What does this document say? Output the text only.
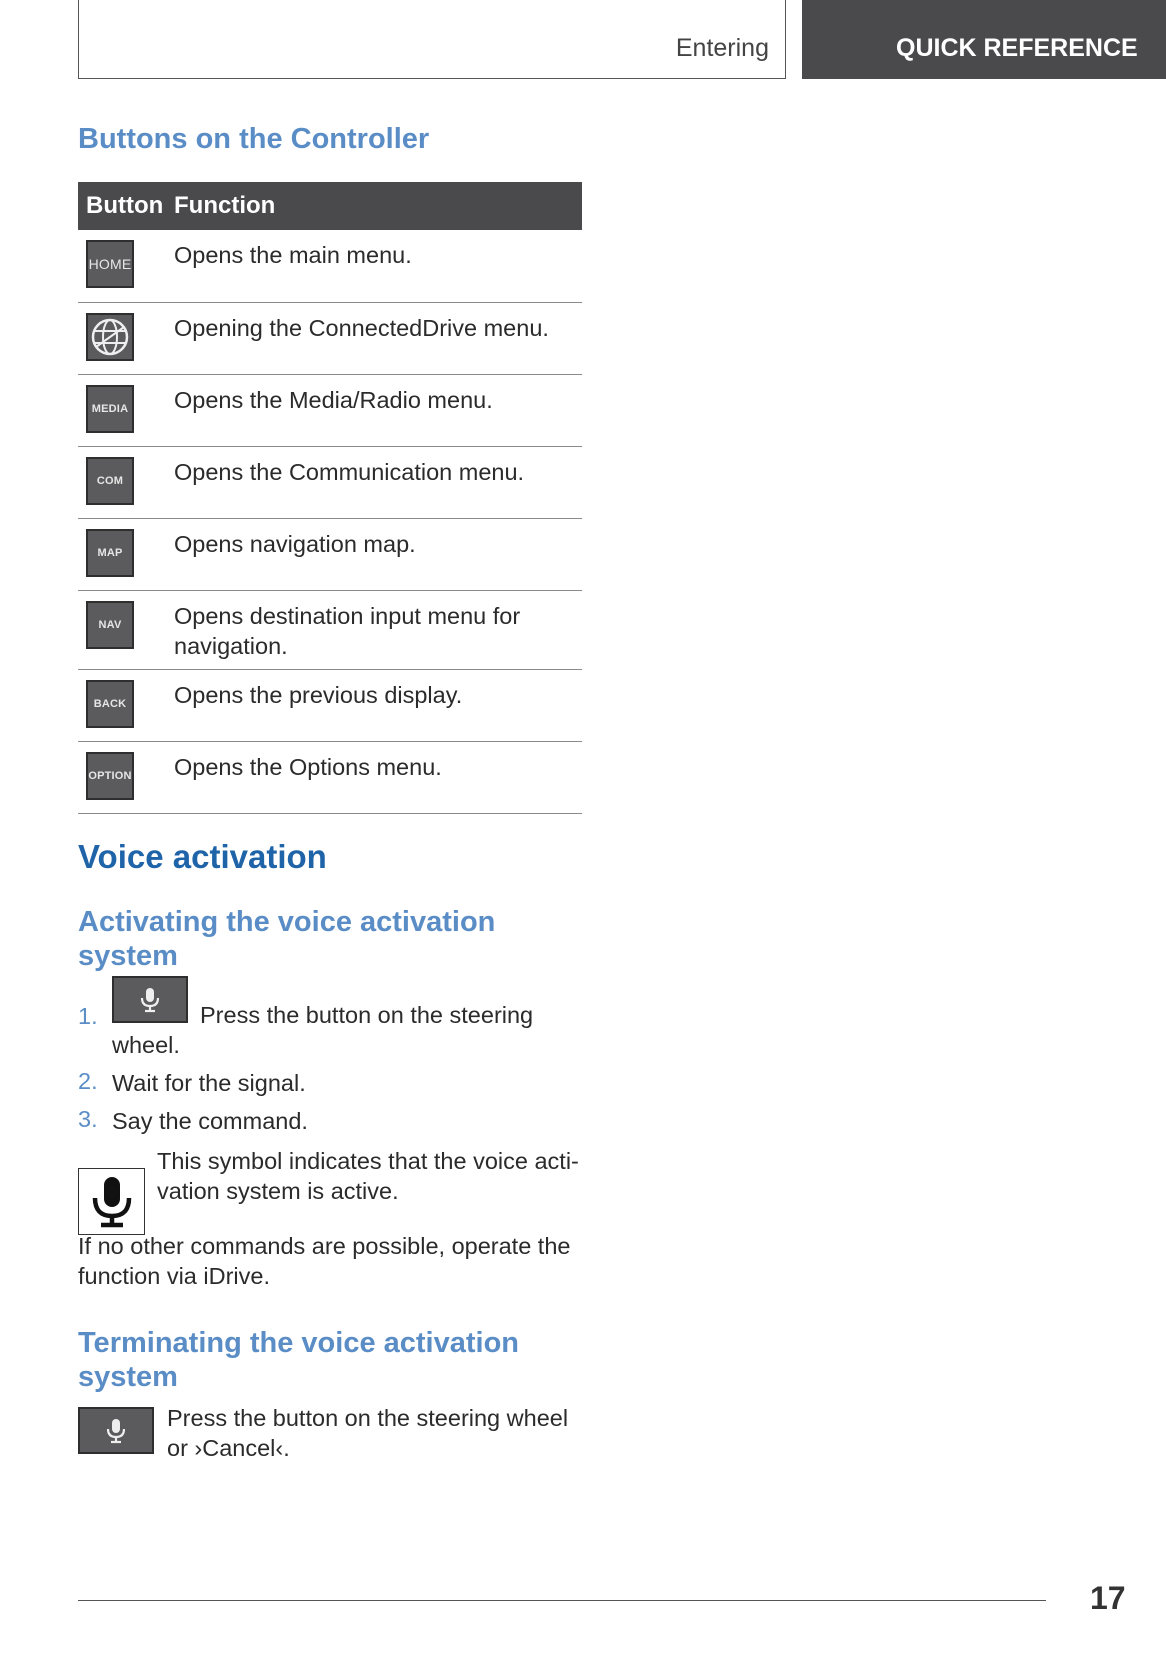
Entering	QUICK REFERENCE
Buttons on the Controller
Button	Function

HOME	Opens the main menu.

	Opening the ConnectedDrive menu.

MEDIA	Opens the Media/Radio menu.

COM	Opens the Communication menu.

MAP	Opens navigation map.

NAV	Opens destination input menu for navigation.

BACK	Opens the previous display.

OPTION	Opens the Options menu.
Voice activation
Activating the voice activation
system
1.	Press the button on the steering
wheel.
2. Wait for the signal.
3. Say the command.
This symbol indicates that the voice acti-
vation system is active.
If no other commands are possible, operate the
function via iDrive.
Terminating the voice activation
system
Press the button on the steering wheel
or ›Cancel‹.
17
